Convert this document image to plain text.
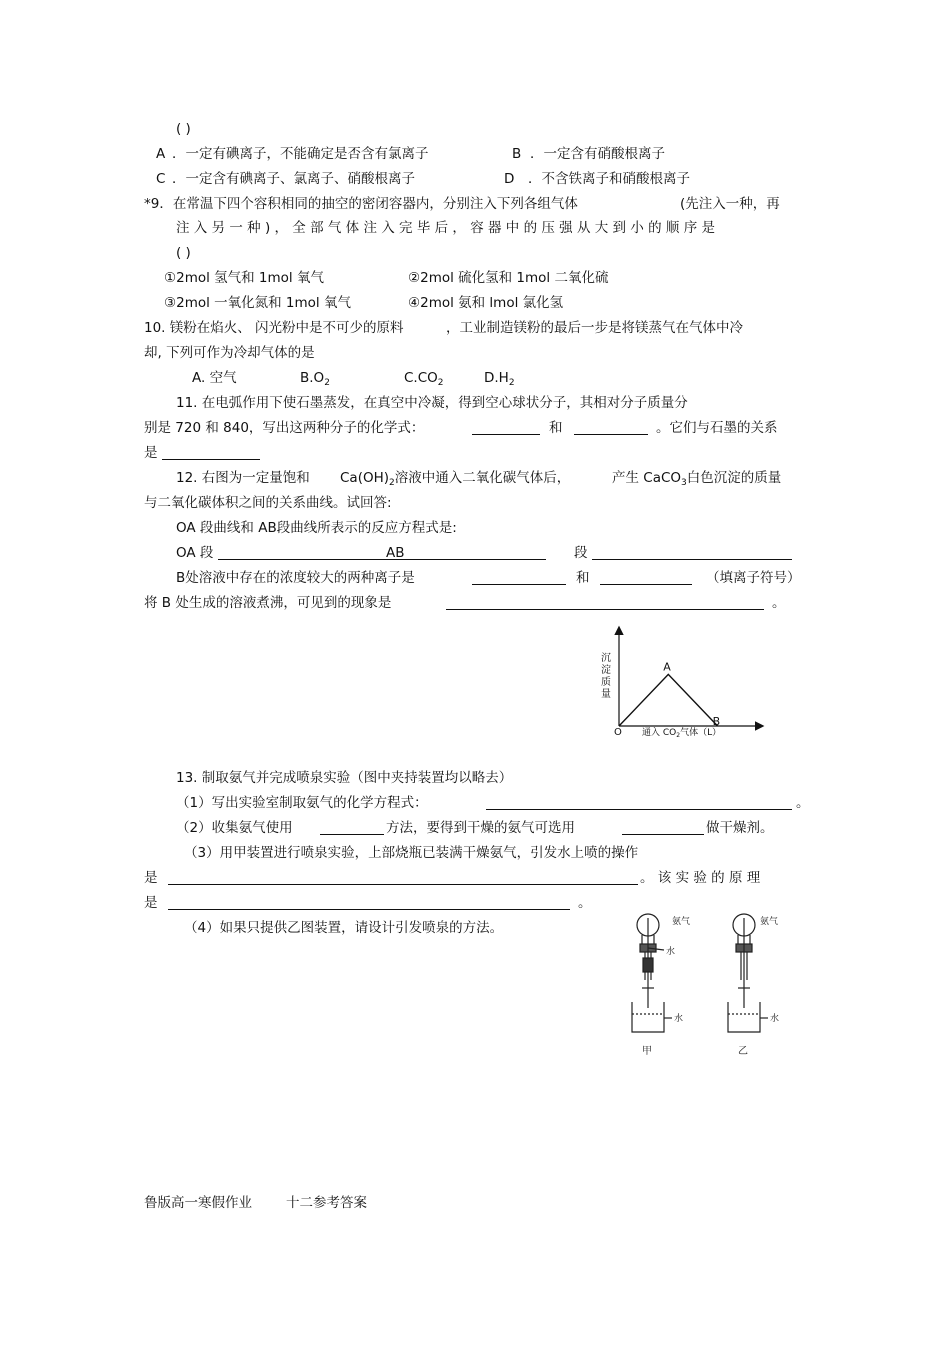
( )
A ．一定有碘离子，不能确定是否含有氯离子	B ．一定含有硝酸根离子
C ．一定含有碘离子、氯离子、硝酸根离子	D ．不含铁离子和硝酸根离子
*9．在常温下四个容积相同的抽空的密闭容器内，分别注入下列各组气体	(先注入一种，再
注 入 另 一 种 ) ， 全 部 气 体 注 入 完 毕 后 ， 容 器 中 的 压 强 从 大 到 小 的 顺 序 是
( )
①2mol 氢气和 1mol 氧气	②2mol 硫化氢和 1mol 二氧化硫
③2mol 一氧化氮和 1mol 氧气	④2mol 氨和 lmol 氯化氢
10. 镁粉在焰火、 闪光粉中是不可少的原料	，工业制造镁粉的最后一步是将镁蒸气在气体中冷
却, 下列可作为冷却气体的是
A. 空气	$B.O_2$	$C.CO_2$	$D.H_2$
11. 在电弧作用下使石墨蒸发，在真空中冷凝，得到空心球状分子，其相对分子质量分
别是 720 和 840，写出这两种分子的化学式：	和	。它们与石墨的关系
是
12. 右图为一定量饱和 $Ca(OH)_2$溶液中通入二氧化碳气体后，	产生 CaCO$_3$白色沉淀的质量
与二氧化碳体积之间的关系曲线。试回答:
OA 段曲线和 AB段曲线所表示的反应方程式是:
OA 段	AB	段
B处溶液中存在的浓度较大的两种离子是	和	（填离子符号）
将 B 处生成的溶液煮沸，可见到的现象是	。
沉淀质量
O 通入 $CO_2$气体（L）
A
B
13. 制取氨气并完成喷泉实验（图中夹持装置均以略去）
（1）写出实验室制取氨气的化学方程式：	。
（2）收集氨气使用	方法，要得到干燥的氨气可选用	做干燥剂。
（3）用甲装置进行喷泉实验，上部烧瓶已装满干燥氨气，引发水上喷的操作
是	。 该 实 验 的 原 理
是	。
（4）如果只提供乙图装置，请设计引发喷泉的方法。	氨气
水
水
甲
氨气
水
乙
鲁版高一寒假作业	十二参考答案
